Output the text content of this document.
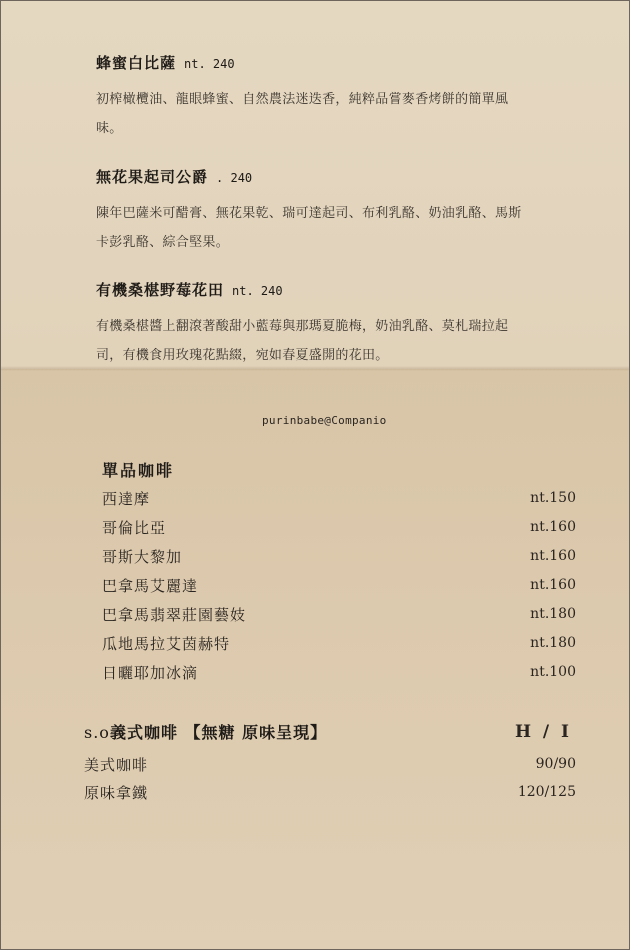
蜂蜜白比薩 nt. 240
初榨橄欖油、龍眼蜂蜜、自然農法迷迭香，純粹品嘗麥香烤餅的簡單風
味。
無花果起司公爵 . 240
陳年巴薩米可醋膏、無花果乾、瑞可達起司、布利乳酪、奶油乳酪、馬斯
卡彭乳酪、綜合堅果。
有機桑椹野莓花田 nt. 240
有機桑椹醬上翻滾著酸甜小藍莓與那瑪夏脆梅，奶油乳酪、莫札瑞拉起
司，有機食用玫瑰花點綴，宛如春夏盛開的花田。
purinbabe@Companio
單品咖啡
西達摩	nt.150
哥倫比亞	nt.160
哥斯大黎加	nt.160
巴拿馬艾麗達	nt.160
巴拿馬翡翠莊園藝妓	nt.180
瓜地馬拉艾茵赫特	nt.180
日曬耶加冰滴	nt.100
s.o義式咖啡 【無糖 原味呈現】	H / I
美式咖啡	90/90
原味拿鐵	120/125
